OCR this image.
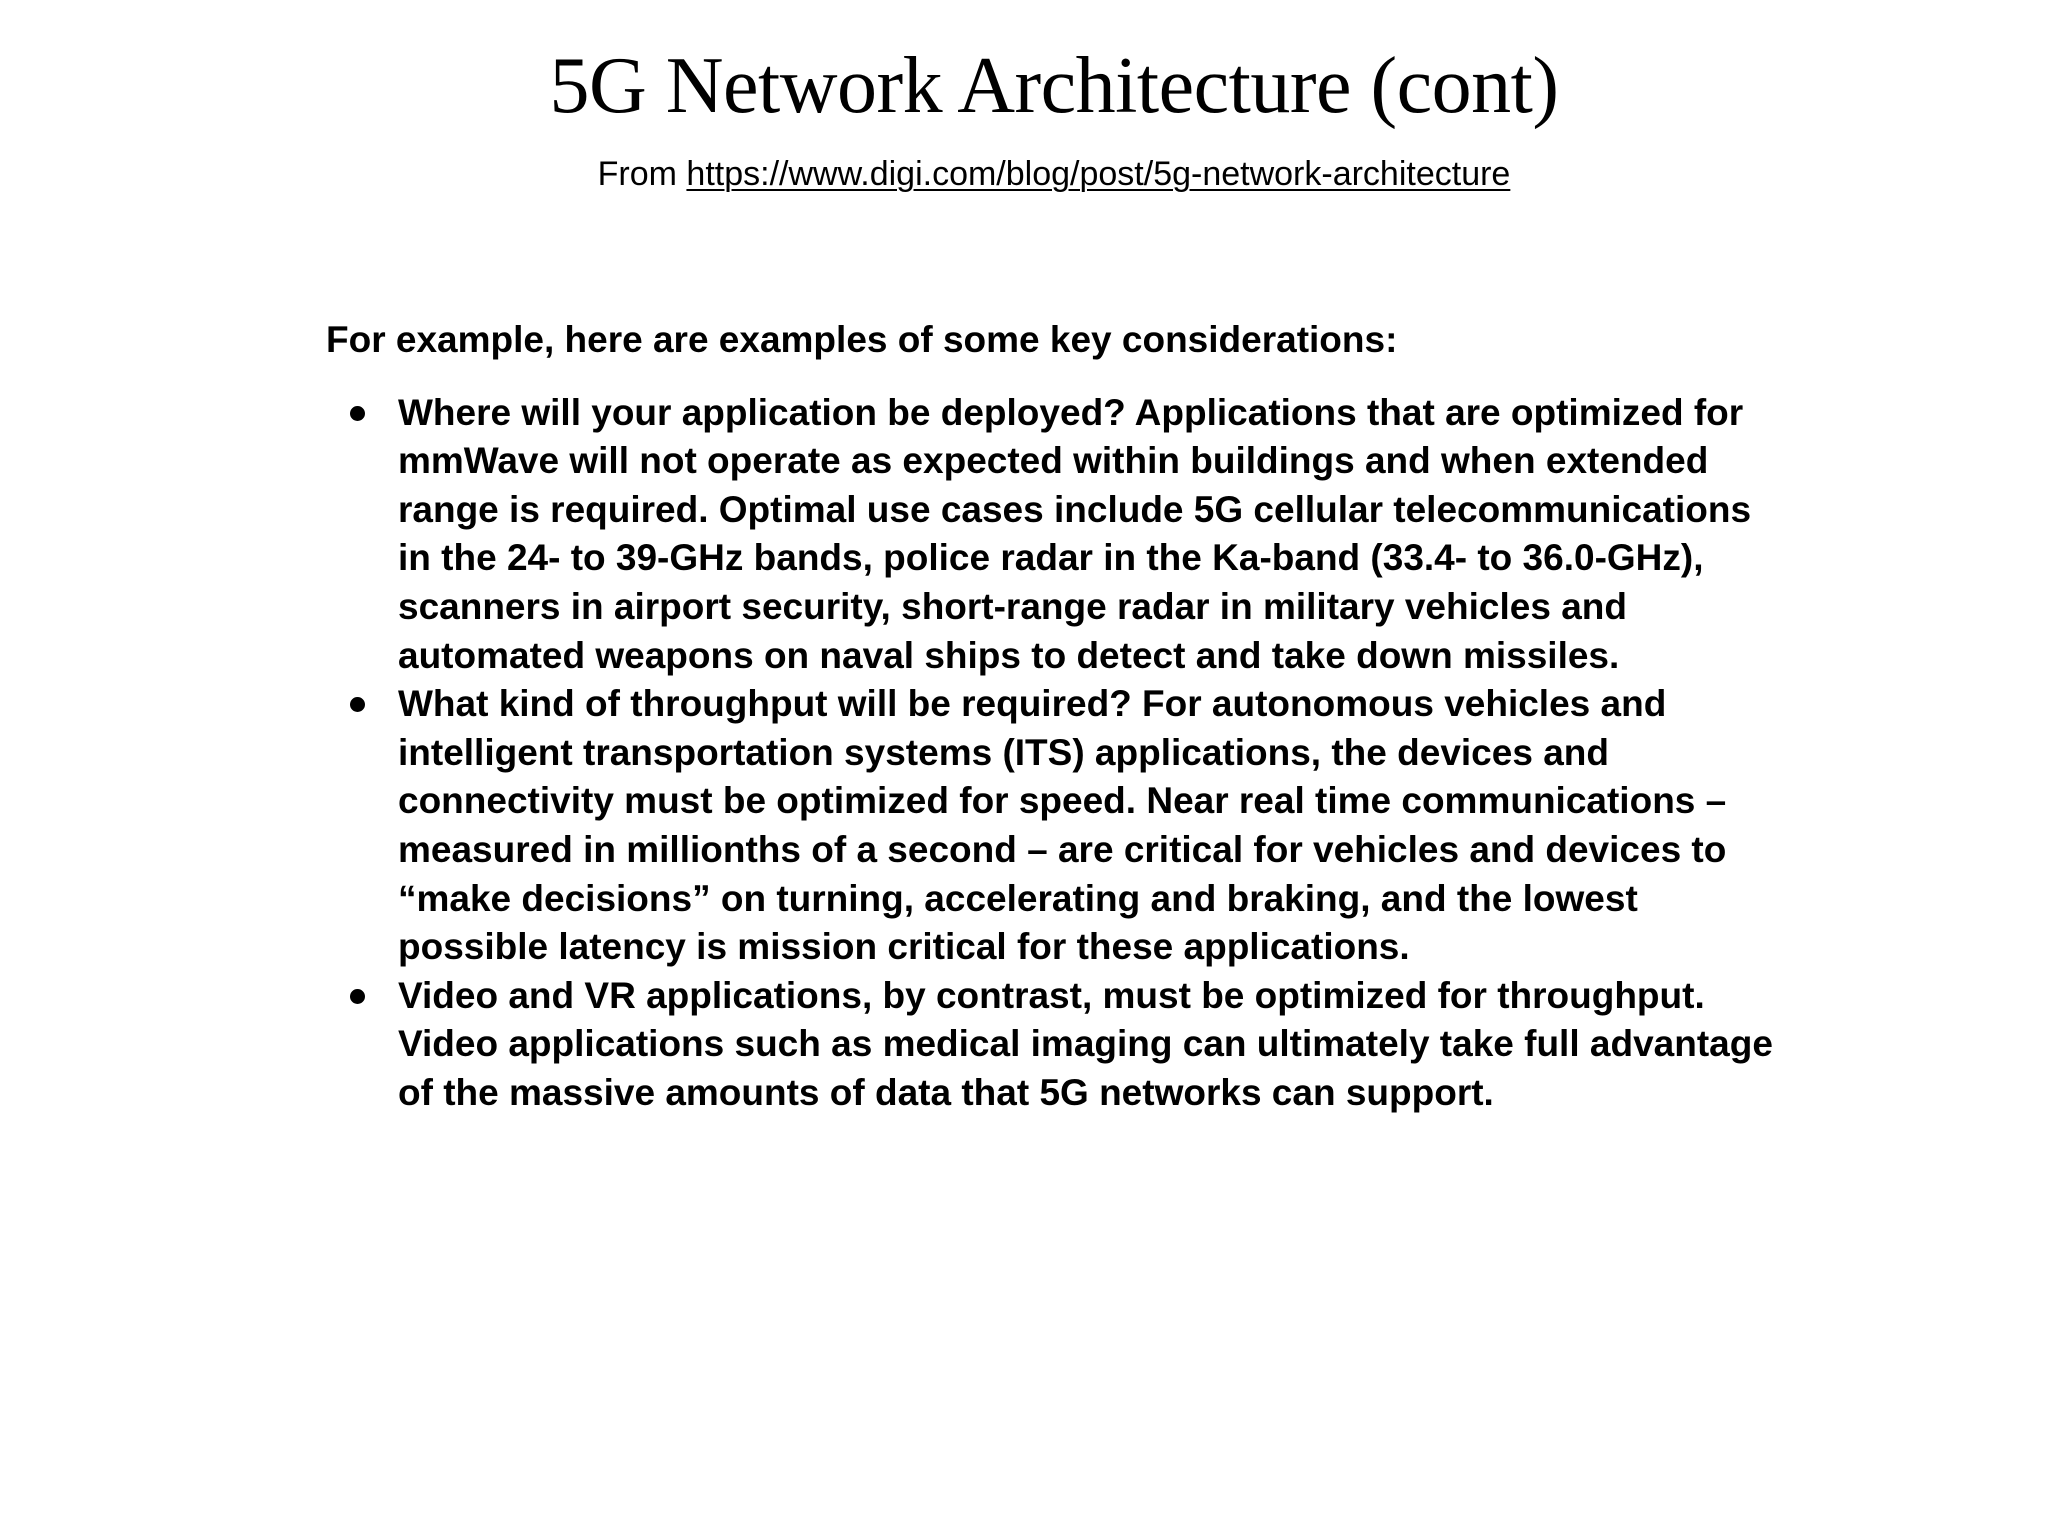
5G Network Architecture (cont)

From https://www.digi.com/blog/post/5g-network-architecture

For example, here are examples of some key considerations:

Where will your application be deployed? Applications that are optimized for mmWave will not operate as expected within buildings and when extended range is required. Optimal use cases include 5G cellular telecommunications in the 24- to 39-GHz bands, police radar in the Ka-band (33.4- to 36.0-GHz), scanners in airport security, short-range radar in military vehicles and automated weapons on naval ships to detect and take down missiles.
What kind of throughput will be required? For autonomous vehicles and intelligent transportation systems (ITS) applications, the devices and connectivity must be optimized for speed. Near real time communications – measured in millionths of a second – are critical for vehicles and devices to “make decisions” on turning, accelerating and braking, and the lowest possible latency is mission critical for these applications.
Video and VR applications, by contrast, must be optimized for throughput. Video applications such as medical imaging can ultimately take full advantage of the massive amounts of data that 5G networks can support.
